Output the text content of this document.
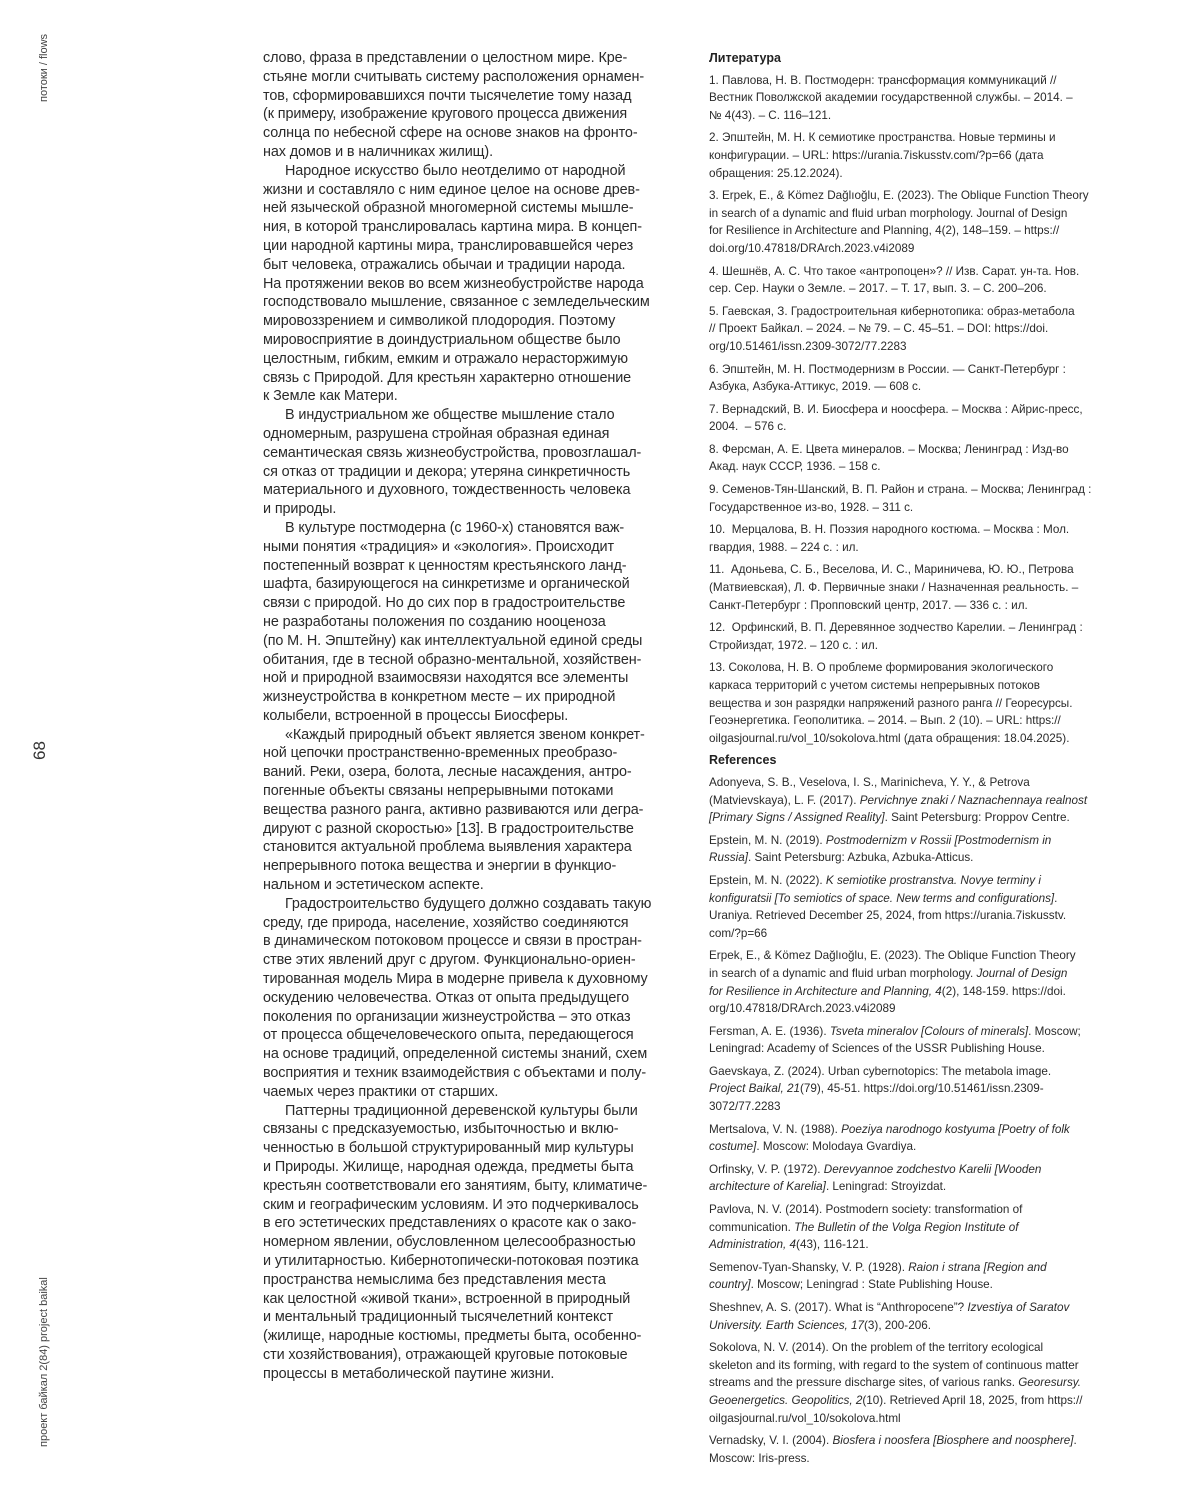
потоки / flows
68
проект байкал 2(84) project baikal

слово, фраза в представлении о целостном мире. Кре-
стьяне могли считывать систему расположения орнамен-
тов, сформировавшихся почти тысячелетие тому назад
(к примеру, изображение кругового процесса движения
солнца по небесной сфере на основе знаков на фронто-
нах домов и в наличниках жилищ).

Народное искусство было неотделимо от народной
жизни и составляло с ним единое целое на основе древ-
ней языческой образной многомерной системы мышле-
ния, в которой транслировалась картина мира. В концеп-
ции народной картины мира, транслировавшейся через
быт человека, отражались обычаи и традиции народа.
На протяжении веков во всем жизнеобустройстве народа
господствовало мышление, связанное с земледельческим
мировоззрением и символикой плодородия. Поэтому
мировосприятие в доиндустриальном обществе было
целостным, гибким, емким и отражало нерасторжимую
связь с Природой. Для крестьян характерно отношение
к Земле как Матери.

В индустриальном же обществе мышление стало
одномерным, разрушена стройная образная единая
семантическая связь жизнеобустройства, провозглашал-
ся отказ от традиции и декора; утеряна синкретичность
материального и духовного, тождественность человека
и природы.

В культуре постмодерна (с 1960-х) становятся важ-
ными понятия «традиция» и «экология». Происходит
постепенный возврат к ценностям крестьянского ланд-
шафта, базирующегося на синкретизме и органической
связи с природой. Но до сих пор в градостроительстве
не разработаны положения по созданию нооценоза
(по М. Н. Эпштейну) как интеллектуальной единой среды
обитания, где в тесной образно-ментальной, хозяйствен-
ной и природной взаимосвязи находятся все элементы
жизнеустройства в конкретном месте – их природной
колыбели, встроенной в процессы Биосферы.

«Каждый природный объект является звеном конкрет-
ной цепочки пространственно-временных преобразо-
ваний. Реки, озера, болота, лесные насаждения, антро-
погенные объекты связаны непрерывными потоками
вещества разного ранга, активно развиваются или дегра-
дируют с разной скоростью» [13]. В градостроительстве
становится актуальной проблема выявления характера
непрерывного потока вещества и энергии в функцио-
нальном и эстетическом аспекте.

Градостроительство будущего должно создавать такую
среду, где природа, население, хозяйство соединяются
в динамическом потоковом процессе и связи в простран-
стве этих явлений друг с другом. Функционально-ориен-
тированная модель Мира в модерне привела к духовному
оскудению человечества. Отказ от опыта предыдущего
поколения по организации жизнеустройства – это отказ
от процесса общечеловеческого опыта, передающегося
на основе традиций, определенной системы знаний, схем
восприятия и техник взаимодействия с объектами и полу-
чаемых через практики от старших.

Паттерны традиционной деревенской культуры были
связаны с предсказуемостью, избыточностью и вклю-
ченностью в большой структурированный мир культуры
и Природы. Жилище, народная одежда, предметы быта
крестьян соответствовали его занятиям, быту, климатиче-
ским и географическим условиям. И это подчеркивалось
в его эстетических представлениях о красоте как о зако-
номерном явлении, обусловленном целесообразностью
и утилитарностью. Кибернотопически-потоковая поэтика
пространства немыслима без представления места
как целостной «живой ткани», встроенной в природный
и ментальный традиционный тысячелетний контекст
(жилище, народные костюмы, предметы быта, особенно-
сти хозяйствования), отражающей круговые потоковые
процессы в метаболической паутине жизни.

Литература
1. Павлова, Н. В. Постмодерн: трансформация коммуникаций //
Вестник Поволжской академии государственной службы. – 2014. –
№ 4(43). – С. 116–121.
2. Эпштейн, М. Н. К семиотике пространства. Новые термины и
конфигурации. – URL: https://urania.7iskusstv.com/?p=66 (дата
обращения: 25.12.2024).
3. Erpek, E., & Kömez Dağlıoğlu, E. (2023). The Oblique Function Theory
in search of a dynamic and fluid urban morphology. Journal of Design
for Resilience in Architecture and Planning, 4(2), 148–159. – https://
doi.org/10.47818/DRArch.2023.v4i2089
4. Шешнёв, А. С. Что такое «антропоцен»? // Изв. Сарат. ун-та. Нов.
сер. Сер. Науки о Земле. – 2017. – Т. 17, вып. 3. – С. 200–206.
5. Гаевская, З. Градостроительная кибернотопика: образ-метабола
// Проект Байкал. – 2024. – № 79. – С. 45–51. – DOI: https://doi.
org/10.51461/issn.2309-3072/77.2283
6. Эпштейн, М. Н. Постмодернизм в России. — Санкт-Петербург :
Азбука, Азбука-Аттикус, 2019. — 608 с.
7. Вернадский, В. И. Биосфера и ноосфера. – Москва : Айрис-пресс,
2004.  – 576 с.
8. Ферсман, А. Е. Цвета минералов. – Москва; Ленинград : Изд-во
Акад. наук СССР, 1936. – 158 с.
9. Семенов-Тян-Шанский, В. П. Район и страна. – Москва; Ленинград :
Государственное из-во, 1928. – 311 с.
10.  Мерцалова, В. Н. Поэзия народного костюма. – Москва : Мол.
гвардия, 1988. – 224 с. : ил.
11.  Адоньева, С. Б., Веселова, И. С., Мариничева, Ю. Ю., Петрова
(Матвиевская), Л. Ф. Первичные знаки / Назначенная реальность. –
Санкт-Петербург : Пропповский центр, 2017. — 336 с. : ил.
12.  Орфинский, В. П. Деревянное зодчество Карелии. – Ленинград :
Стройиздат, 1972. – 120 с. : ил.
13. Соколова, Н. В. О проблеме формирования экологического
каркаса территорий с учетом системы непрерывных потоков
вещества и зон разрядки напряжений разного ранга // Георесурсы.
Геоэнергетика. Геополитика. – 2014. – Вып. 2 (10). – URL: https://
oilgasjournal.ru/vol_10/sokolova.html (дата обращения: 18.04.2025).
References
Adonyeva, S. B., Veselova, I. S., Marinicheva, Y. Y., & Petrova
(Matvievskaya), L. F. (2017). Pervichnye znaki / Naznachennaya realnost
[Primary Signs / Assigned Reality]. Saint Petersburg: Proppov Centre.
Epstein, M. N. (2019). Postmodernizm v Rossii [Postmodernism in
Russia]. Saint Petersburg: Azbuka, Azbuka-Atticus.
Epstein, M. N. (2022). K semiotike prostranstva. Novye terminy i
konfiguratsii [To semiotics of space. New terms and configurations].
Uraniya. Retrieved December 25, 2024, from https://urania.7iskusstv.
com/?p=66
Erpek, E., & Kömez Dağlıoğlu, E. (2023). The Oblique Function Theory
in search of a dynamic and fluid urban morphology. Journal of Design
for Resilience in Architecture and Planning, 4(2), 148-159. https://doi.
org/10.47818/DRArch.2023.v4i2089
Fersman, A. E. (1936). Tsveta mineralov [Colours of minerals]. Moscow;
Leningrad: Academy of Sciences of the USSR Publishing House.
Gaevskaya, Z. (2024). Urban cybernotopics: The metabola image.
Project Baikal, 21(79), 45-51. https://doi.org/10.51461/issn.2309-
3072/77.2283
Mertsalova, V. N. (1988). Poeziya narodnogo kostyuma [Poetry of folk
costume]. Moscow: Molodaya Gvardiya.
Orfinsky, V. P. (1972). Derevyannoe zodchestvo Karelii [Wooden
architecture of Karelia]. Leningrad: Stroyizdat.
Pavlova, N. V. (2014). Postmodern society: transformation of
communication. The Bulletin of the Volga Region Institute of
Administration, 4(43), 116-121.
Semenov-Tyan-Shansky, V. P. (1928). Raion i strana [Region and
country]. Moscow; Leningrad : State Publishing House.
Sheshnev, A. S. (2017). What is “Anthropocene”? Izvestiya of Saratov
University. Earth Sciences, 17(3), 200-206.
Sokolova, N. V. (2014). On the problem of the territory ecological
skeleton and its forming, with regard to the system of continuous matter
streams and the pressure discharge sites, of various ranks. Georesursy.
Geoenergetics. Geopolitics, 2(10). Retrieved April 18, 2025, from https://
oilgasjournal.ru/vol_10/sokolova.html
Vernadsky, V. I. (2004). Biosfera i noosfera [Biosphere and noosphere].
Moscow: Iris-press.
